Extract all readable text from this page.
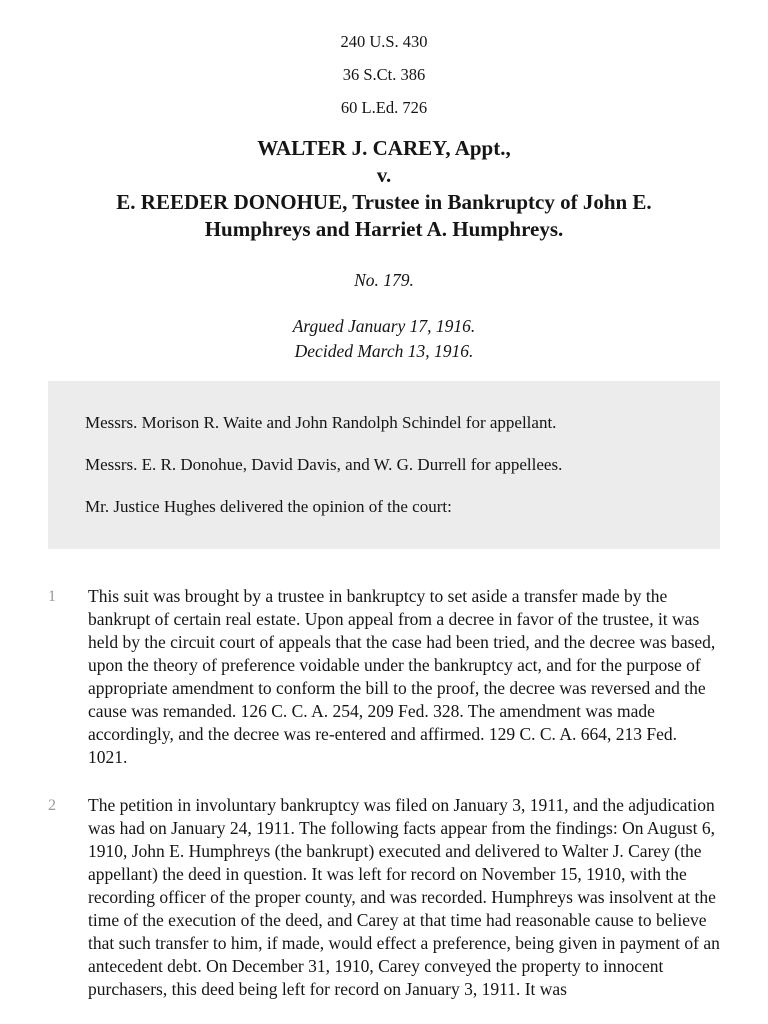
240 U.S. 430

36 S.Ct. 386

60 L.Ed. 726

WALTER J. CAREY, Appt.,
v.
E. REEDER DONOHUE, Trustee in Bankruptcy of John E.
Humphreys and Harriet A. Humphreys.

No. 179.

Argued January 17, 1916.

Decided March 13, 1916.

Messrs. Morison R. Waite and John Randolph Schindel for appellant.

Messrs. E. R. Donohue, David Davis, and W. G. Durrell for appellees.

Mr. Justice Hughes delivered the opinion of the court:

1	This suit was brought by a trustee in bankruptcy to set aside a transfer made by the bankrupt of certain real estate. Upon appeal from a decree in favor of the trustee, it was held by the circuit court of appeals that the case had been tried, and the decree was based, upon the theory of preference voidable under the bankruptcy act, and for the purpose of appropriate amendment to conform the bill to the proof, the decree was reversed and the cause was remanded. 126 C. C. A. 254, 209 Fed. 328. The amendment was made accordingly, and the decree was re-entered and affirmed. 129 C. C. A. 664, 213 Fed. 1021.

2	The petition in involuntary bankruptcy was filed on January 3, 1911, and the adjudication was had on January 24, 1911. The following facts appear from the findings: On August 6, 1910, John E. Humphreys (the bankrupt) executed and delivered to Walter J. Carey (the appellant) the deed in question. It was left for record on November 15, 1910, with the recording officer of the proper county, and was recorded. Humphreys was insolvent at the time of the execution of the deed, and Carey at that time had reasonable cause to believe that such transfer to him, if made, would effect a preference, being given in payment of an antecedent debt. On December 31, 1910, Carey conveyed the property to innocent purchasers, this deed being left for record on January 3, 1911. It was
